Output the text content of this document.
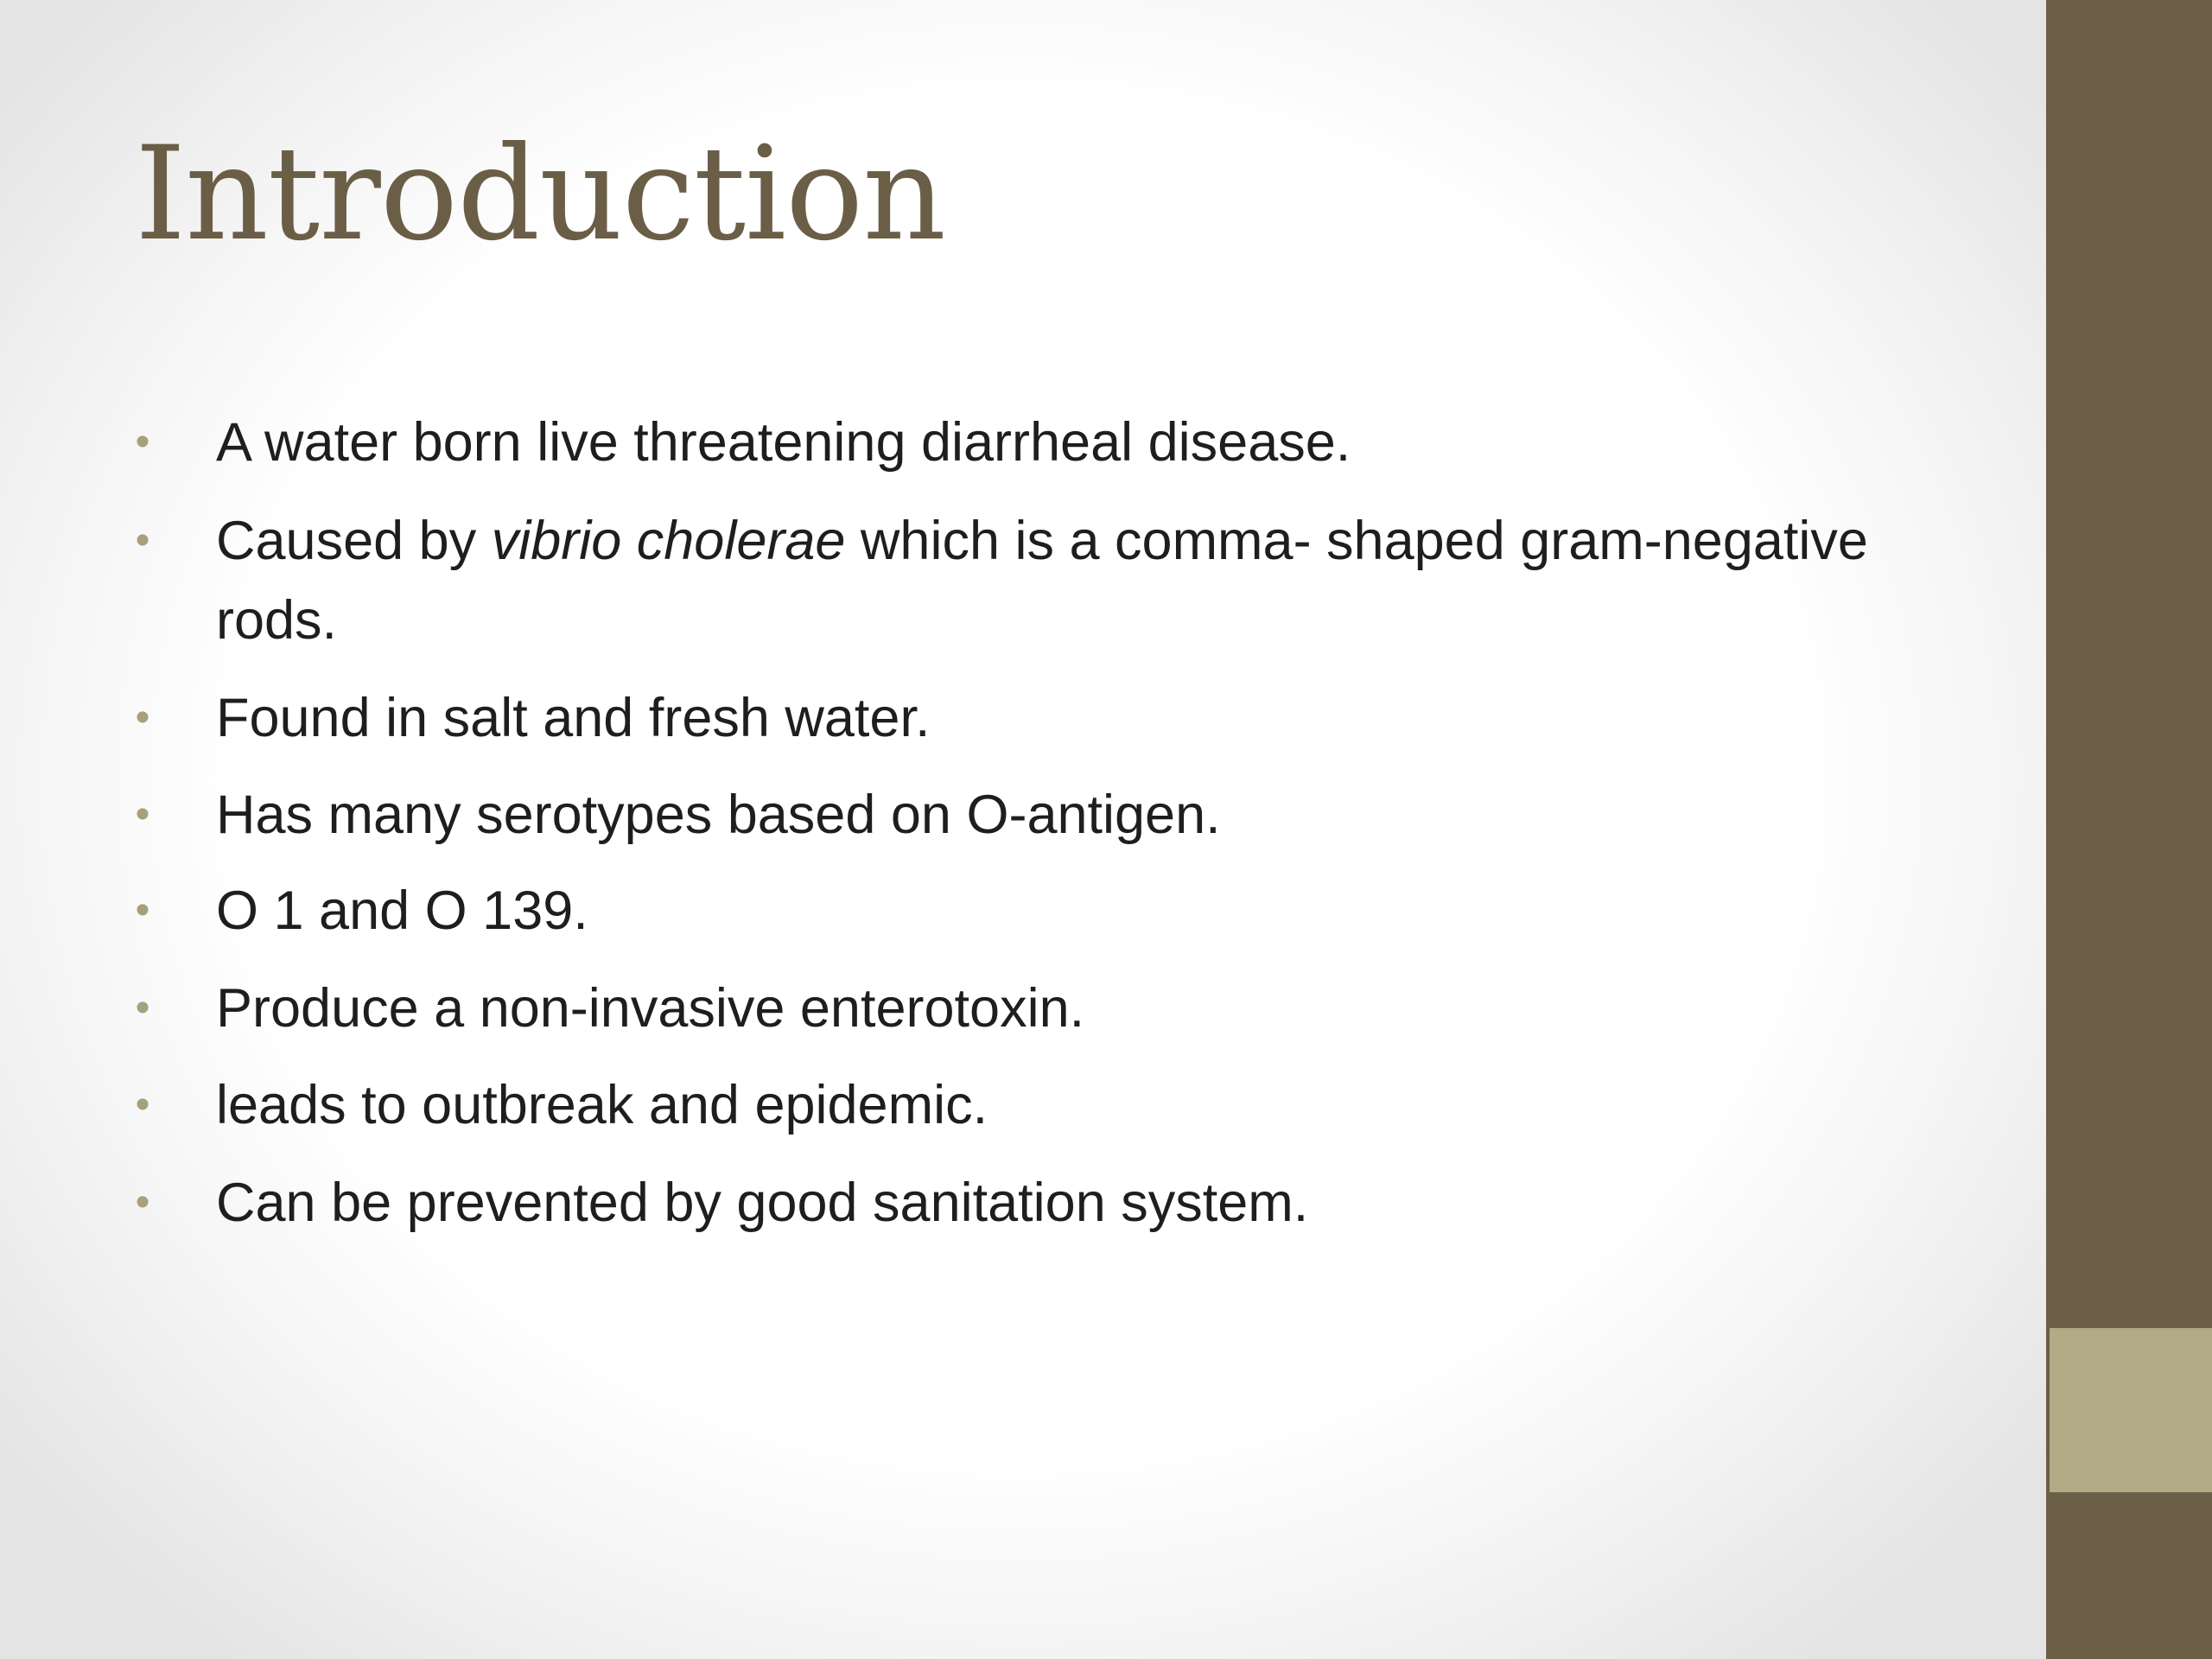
Introduction
• A water born live threatening diarrheal disease.
• Caused by vibrio cholerae which is a comma- shaped gram-negative rods.
• Found in salt and fresh water.
• Has many serotypes based on O-antigen.
• O 1 and O 139.
• Produce a non-invasive enterotoxin.
• leads to outbreak and epidemic.
• Can be prevented by good sanitation system.
